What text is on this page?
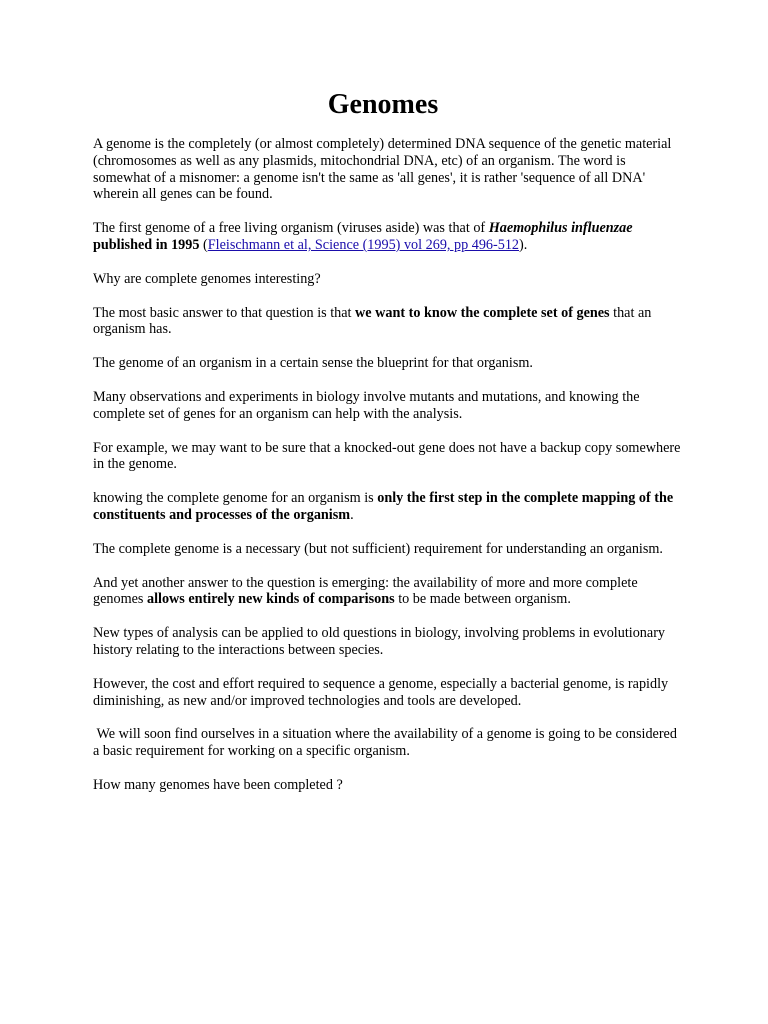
Genomes

A genome is the completely (or almost completely) determined DNA sequence of the genetic material (chromosomes as well as any plasmids, mitochondrial DNA, etc) of an organism. The word is somewhat of a misnomer: a genome isn't the same as 'all genes', it is rather 'sequence of all DNA' wherein all genes can be found.

The first genome of a free living organism (viruses aside) was that of Haemophilus influenzae published in 1995 (Fleischmann et al, Science (1995) vol 269, pp 496-512).

Why are complete genomes interesting?

The most basic answer to that question is that we want to know the complete set of genes that an organism has.

The genome of an organism in a certain sense the blueprint for that organism.

Many observations and experiments in biology involve mutants and mutations, and knowing the complete set of genes for an organism can help with the analysis.

For example, we may want to be sure that a knocked-out gene does not have a backup copy somewhere in the genome.

knowing the complete genome for an organism is only the first step in the complete mapping of the constituents and processes of the organism.

The complete genome is a necessary (but not sufficient) requirement for understanding an organism.

And yet another answer to the question is emerging: the availability of more and more complete genomes allows entirely new kinds of comparisons to be made between organism.

New types of analysis can be applied to old questions in biology, involving problems in evolutionary history relating to the interactions between species.

However, the cost and effort required to sequence a genome, especially a bacterial genome, is rapidly diminishing, as new and/or improved technologies and tools are developed.

We will soon find ourselves in a situation where the availability of a genome is going to be considered a basic requirement for working on a specific organism.

How many genomes have been completed ?
